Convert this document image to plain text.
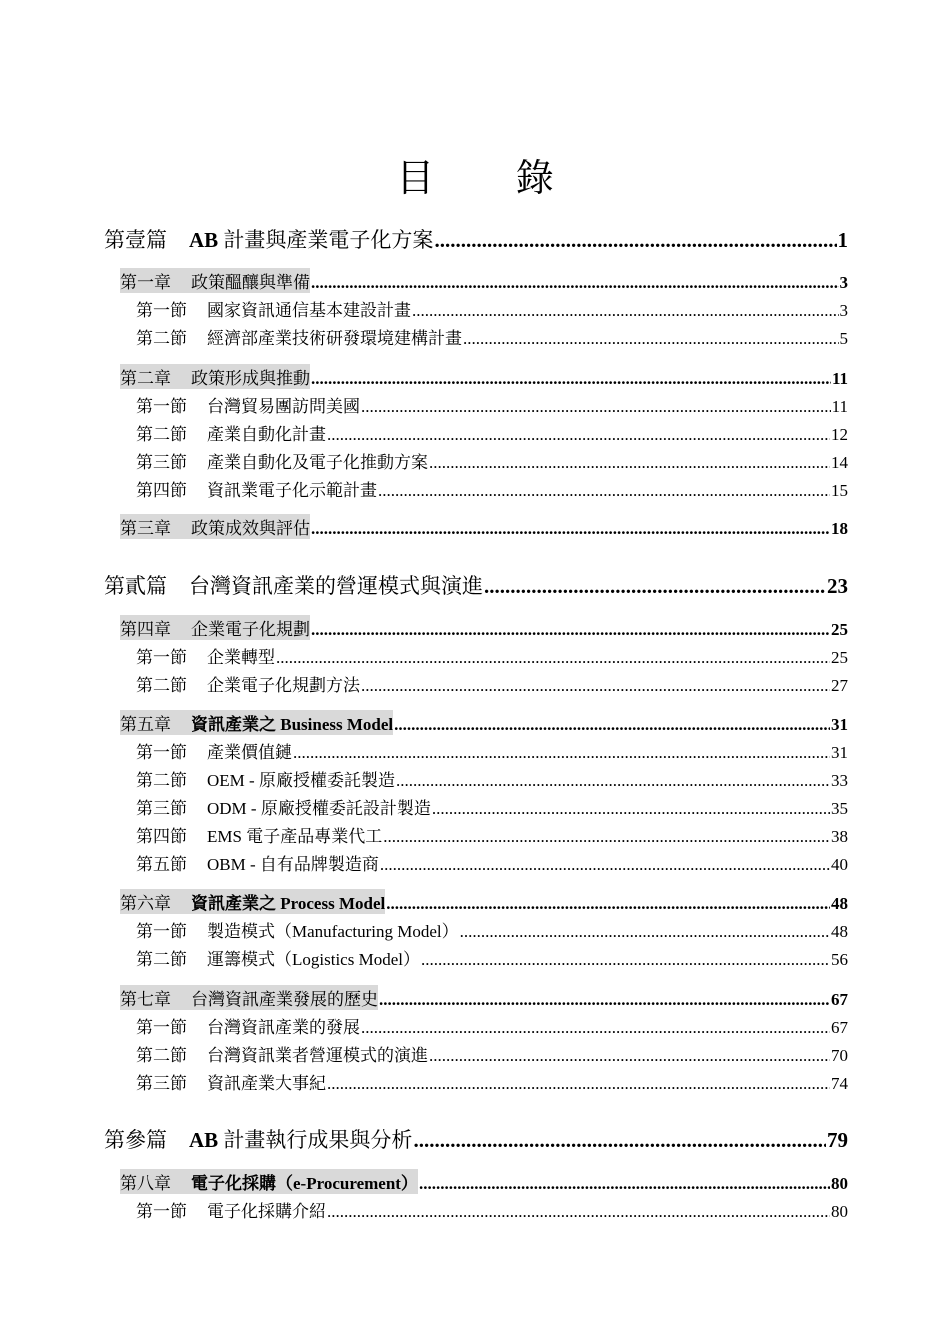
目 錄
第壹篇 AB 計畫與產業電子化方案 .....	1
第一章 政策醞釀與準備 .....	3
第一節 國家資訊通信基本建設計畫 .....	3
第二節 經濟部產業技術研發環境建構計畫 .....	5
第二章 政策形成與推動 .....	11
第一節 台灣貿易團訪問美國 .....	11
第二節 產業自動化計畫 .....	12
第三節 產業自動化及電子化推動方案 .....	14
第四節 資訊業電子化示範計畫 .....	15
第三章 政策成效與評估 .....	18
第貳篇 台灣資訊產業的營運模式與演進 .....	23
第四章 企業電子化規劃 .....	25
第一節 企業轉型 .....	25
第二節 企業電子化規劃方法 .....	27
第五章 資訊產業之 Business Model .....	31
第一節 產業價值鏈 .....	31
第二節 OEM - 原廠授權委託製造 .....	33
第三節 ODM - 原廠授權委託設計製造 .....	35
第四節 EMS 電子產品專業代工 .....	38
第五節 OBM - 自有品牌製造商 .....	40
第六章 資訊產業之 Process Model .....	48
第一節 製造模式（Manufacturing Model） .....	48
第二節 運籌模式（Logistics Model） .....	56
第七章 台灣資訊產業發展的歷史 .....	67
第一節 台灣資訊產業的發展 .....	67
第二節 台灣資訊業者營運模式的演進 .....	70
第三節 資訊產業大事紀 .....	74
第參篇 AB 計畫執行成果與分析 .....	79
第八章 電子化採購（e-Procurement） .....	80
第一節 電子化採購介紹 .....	80
